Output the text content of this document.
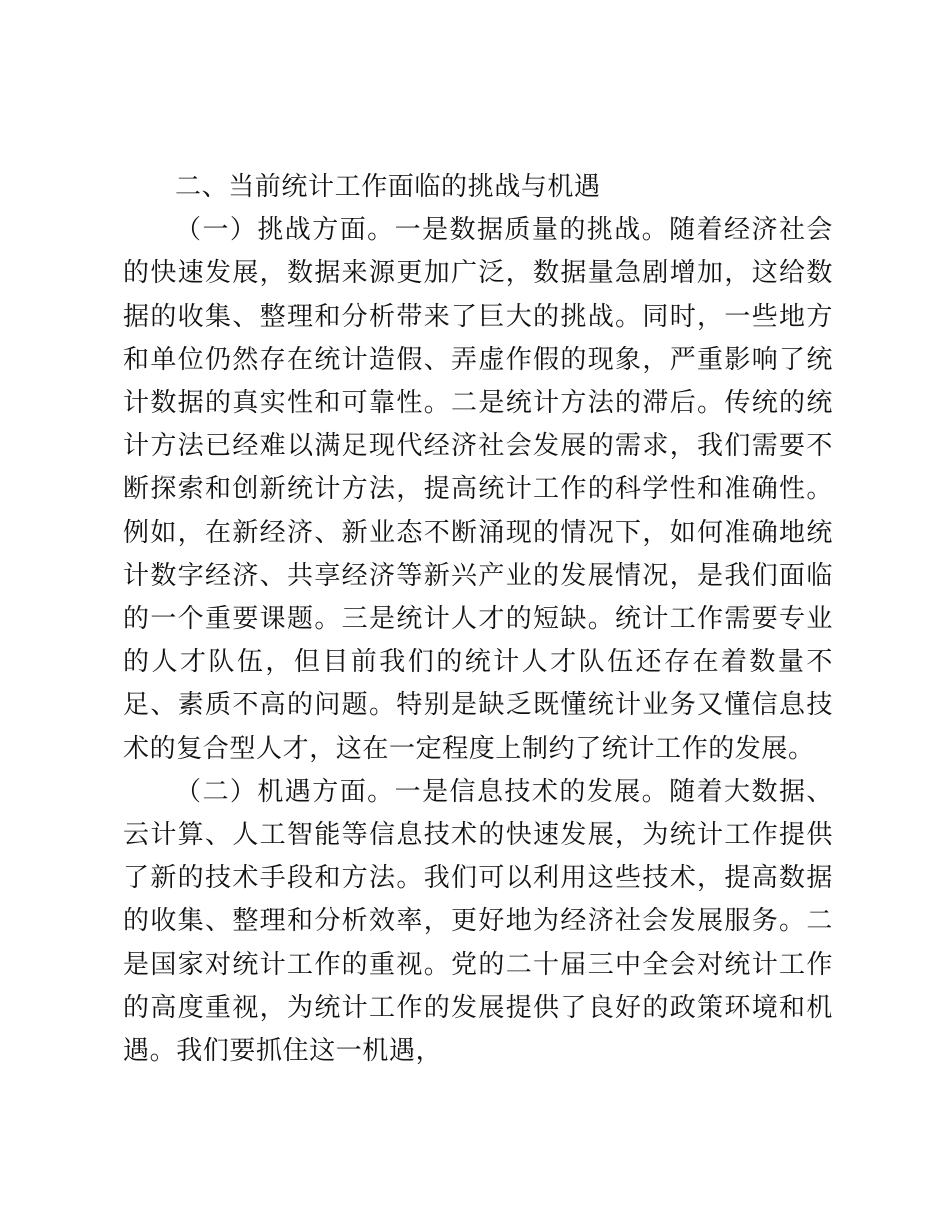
二、当前统计工作面临的挑战与机遇

（一）挑战方面。一是数据质量的挑战。随着经济社会的快速发展，数据来源更加广泛，数据量急剧增加，这给数据的收集、整理和分析带来了巨大的挑战。同时，一些地方和单位仍然存在统计造假、弄虚作假的现象，严重影响了统计数据的真实性和可靠性。二是统计方法的滞后。传统的统计方法已经难以满足现代经济社会发展的需求，我们需要不断探索和创新统计方法，提高统计工作的科学性和准确性。例如，在新经济、新业态不断涌现的情况下，如何准确地统计数字经济、共享经济等新兴产业的发展情况，是我们面临的一个重要课题。三是统计人才的短缺。统计工作需要专业的人才队伍，但目前我们的统计人才队伍还存在着数量不足、素质不高的问题。特别是缺乏既懂统计业务又懂信息技术的复合型人才，这在一定程度上制约了统计工作的发展。

（二）机遇方面。一是信息技术的发展。随着大数据、云计算、人工智能等信息技术的快速发展，为统计工作提供了新的技术手段和方法。我们可以利用这些技术，提高数据的收集、整理和分析效率，更好地为经济社会发展服务。二是国家对统计工作的重视。党的二十届三中全会对统计工作的高度重视，为统计工作的发展提供了良好的政策环境和机遇。我们要抓住这一机遇，
